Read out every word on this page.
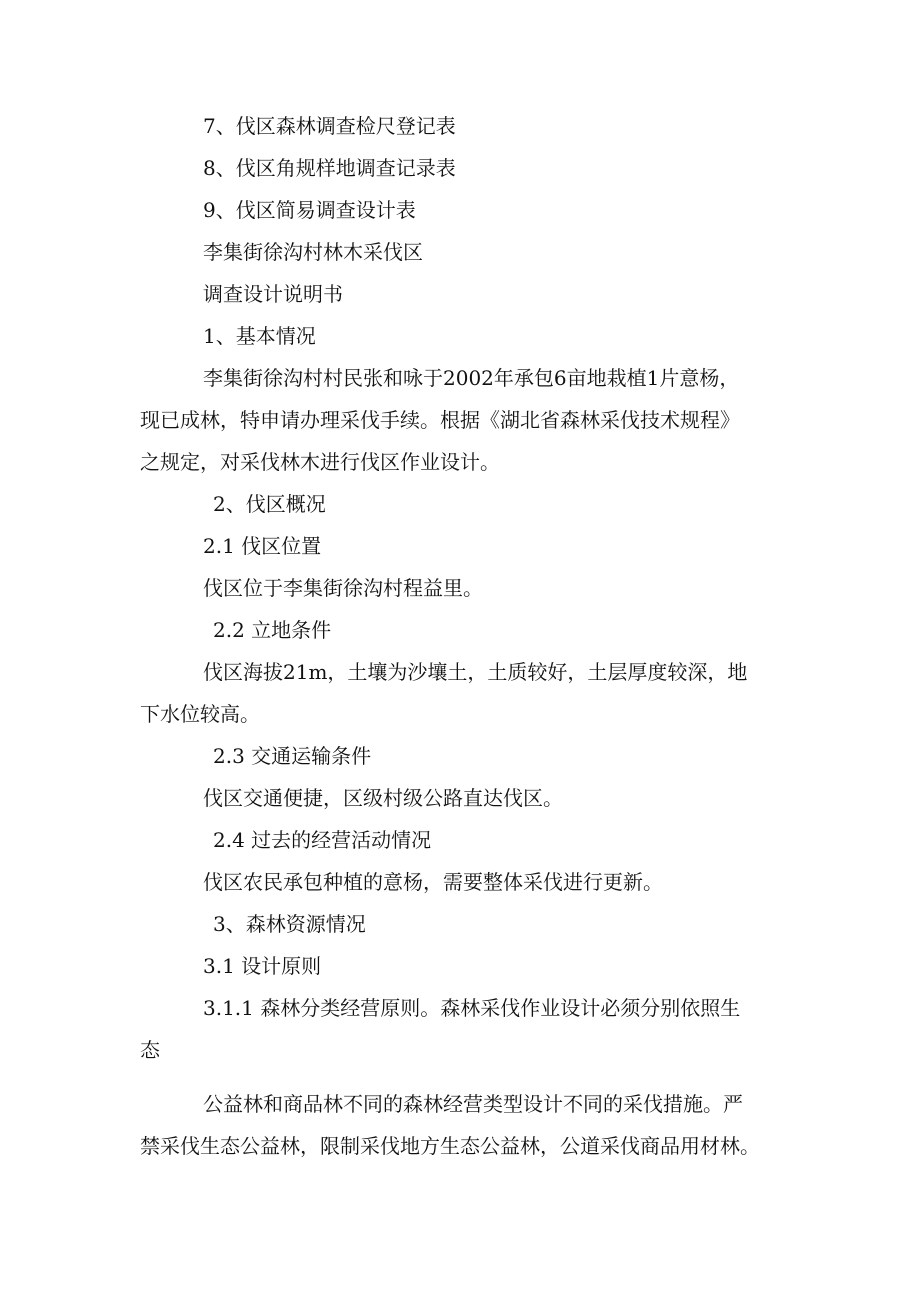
7、伐区森林调查检尺登记表
8、伐区角规样地调查记录表
9、伐区简易调查设计表
李集街徐沟村林木采伐区
调查设计说明书
1、基本情况
李集街徐沟村村民张和咏于2002年承包6亩地栽植1片意杨，
现已成林，特申请办理采伐手续。根据《湖北省森林采伐技术规程》
之规定，对采伐林木进行伐区作业设计。
2、伐区概况
2.1 伐区位置
伐区位于李集街徐沟村程益里。
2.2 立地条件
伐区海拔21m，土壤为沙壤土，土质较好，土层厚度较深，地
下水位较高。
2.3 交通运输条件
伐区交通便捷，区级村级公路直达伐区。
2.4 过去的经营活动情况
伐区农民承包种植的意杨，需要整体采伐进行更新。
3、森林资源情况
3.1 设计原则
3.1.1 森林分类经营原则。森林采伐作业设计必须分别依照生
态
公益林和商品林不同的森林经营类型设计不同的采伐措施。严
禁采伐生态公益林，限制采伐地方生态公益林，公道采伐商品用材林。
